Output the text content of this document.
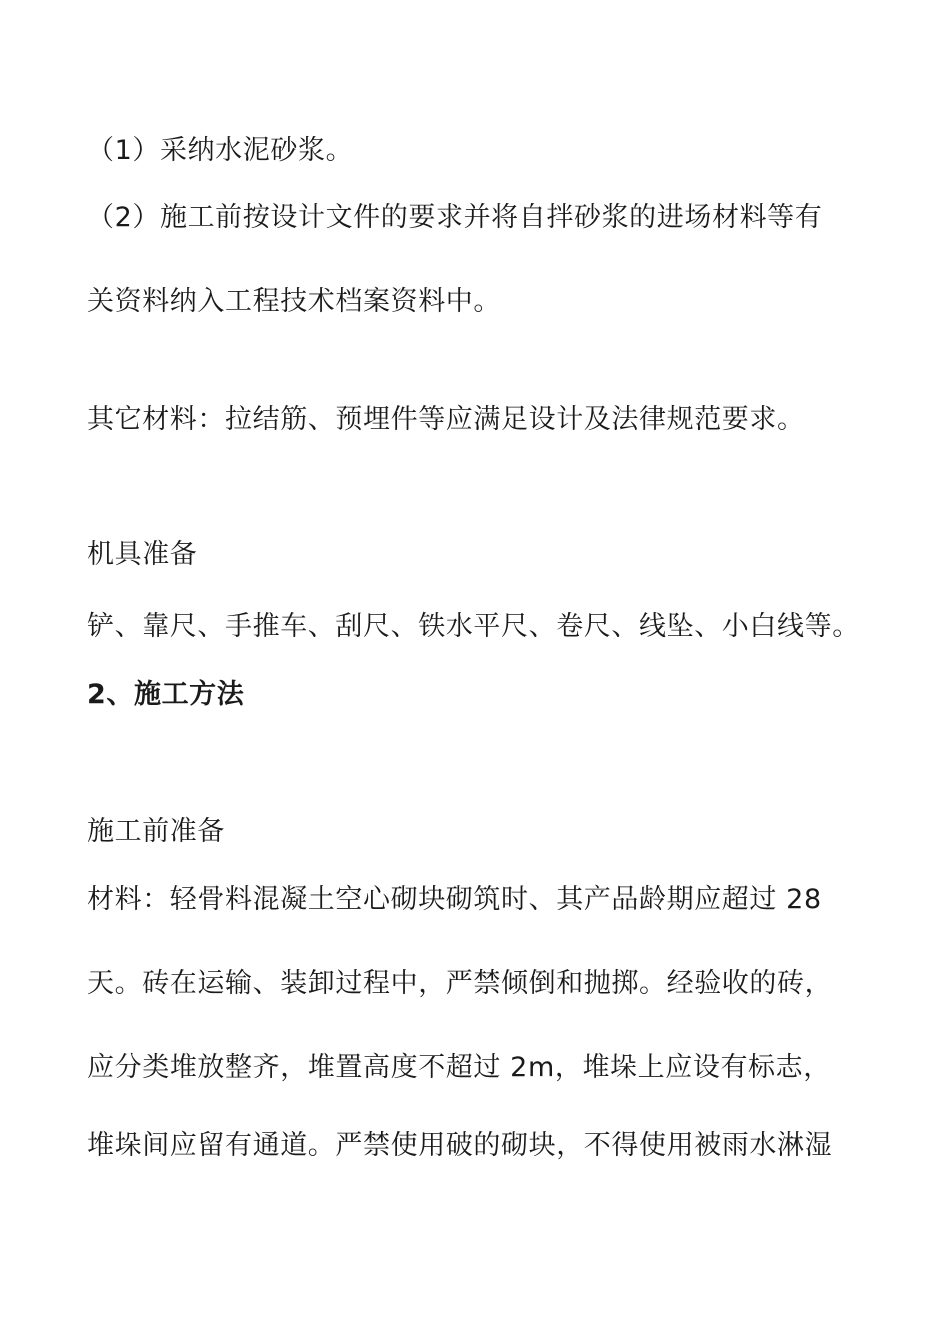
（1）采纳水泥砂浆。
（2）施工前按设计文件的要求并将自拌砂浆的进场材料等有
关资料纳入工程技术档案资料中。
其它材料：拉结筋、预埋件等应满足设计及法律规范要求。
机具准备
铲、靠尺、手推车、刮尺、铁水平尺、卷尺、线坠、小白线等。
2、施工方法
施工前准备
材料：轻骨料混凝土空心砌块砌筑时、其产品龄期应超过 28
天。砖在运输、装卸过程中，严禁倾倒和抛掷。经验收的砖，
应分类堆放整齐，堆置高度不超过 2m，堆垛上应设有标志，
堆垛间应留有通道。严禁使用破的砌块，不得使用被雨水淋湿
